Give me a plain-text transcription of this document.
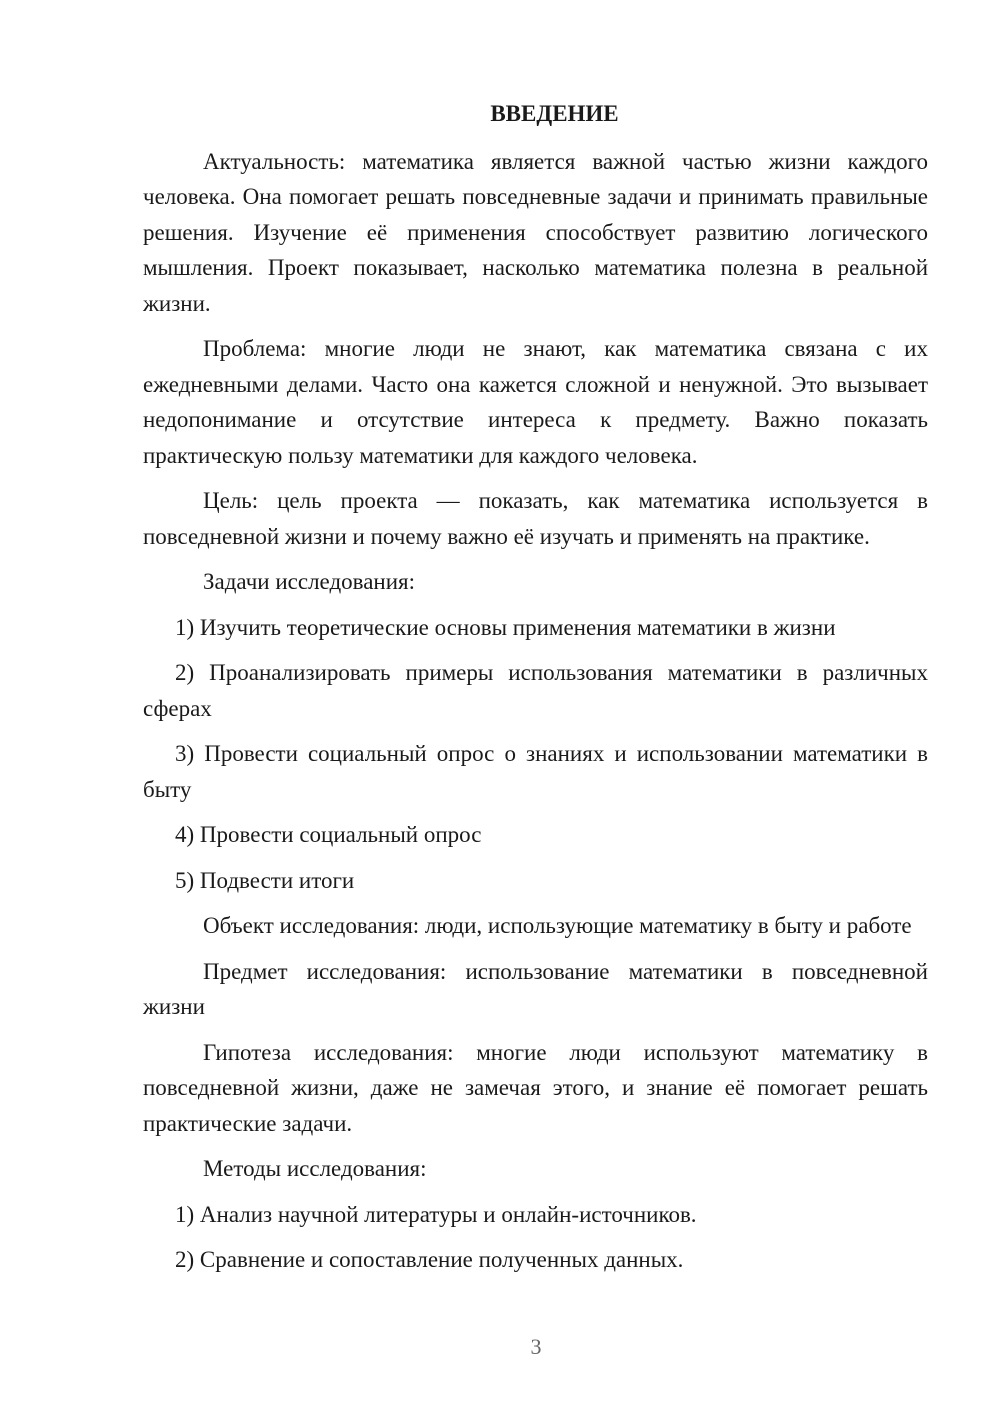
ВВЕДЕНИЕ

Актуальность: математика является важной частью жизни каждого человека. Она помогает решать повседневные задачи и принимать правильные решения. Изучение её применения способствует развитию логического мышления. Проект показывает, насколько математика полезна в реальной жизни.

Проблема: многие люди не знают, как математика связана с их ежедневными делами. Часто она кажется сложной и ненужной. Это вызывает недопонимание и отсутствие интереса к предмету. Важно показать практическую пользу математики для каждого человека.

Цель: цель проекта — показать, как математика используется в повседневной жизни и почему важно её изучать и применять на практике.

Задачи исследования:

1) Изучить теоретические основы применения математики в жизни

2) Проанализировать примеры использования математики в различных сферах

3) Провести социальный опрос о знаниях и использовании математики в быту

4) Провести социальный опрос

5) Подвести итоги

Объект исследования: люди, использующие математику в быту и работе

Предмет исследования: использование математики в повседневной жизни

Гипотеза исследования: многие люди используют математику в повседневной жизни, даже не замечая этого, и знание её помогает решать практические задачи.

Методы исследования:

1) Анализ научной литературы и онлайн-источников.

2) Сравнение и сопоставление полученных данных.

3
